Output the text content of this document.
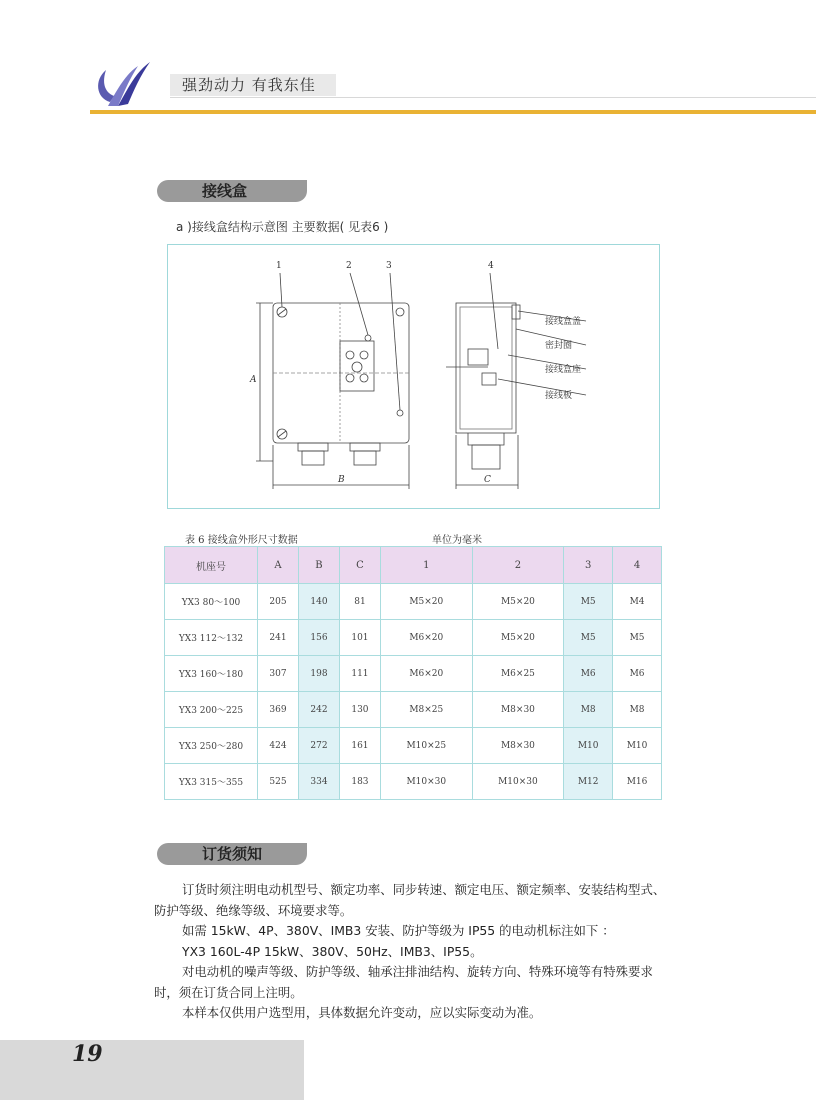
强劲动力 有我东佳
接线盒
a )接线盒结构示意图 主要数据( 见表6 )
1	2	3	4
A
B	C
接线盒盖
密封圈
接线盒座
接线板
表 6 接线盒外形尺寸数据	单位为毫米
机座号	A	B	C	1	2	3	4
YX3 80～100	205	140	81	M5×20	M5×20	M5	M4
YX3 112～132	241	156	101	M6×20	M5×20	M5	M5
YX3 160～180	307	198	111	M6×20	M6×25	M6	M6
YX3 200～225	369	242	130	M8×25	M8×30	M8	M8
YX3 250～280	424	272	161	M10×25	M8×30	M10	M10
YX3 315～355	525	334	183	M10×30	M10×30	M12	M16
订货须知

订货时须注明电动机型号、额定功率、同步转速、额定电压、额定频率、安装结构型式、防护等级、绝缘等级、环境要求等。

如需 15kW、4P、380V、IMB3 安装、防护等级为 IP55 的电动机标注如下 ：

YX3 160L-4P 15kW、380V、50Hz、IMB3、IP55。

对电动机的噪声等级、防护等级、轴承注排油结构、旋转方向、特殊环境等有特殊要求时，须在订货合同上注明。

本样本仅供用户选型用，具体数据允许变动，应以实际变动为准。

19
